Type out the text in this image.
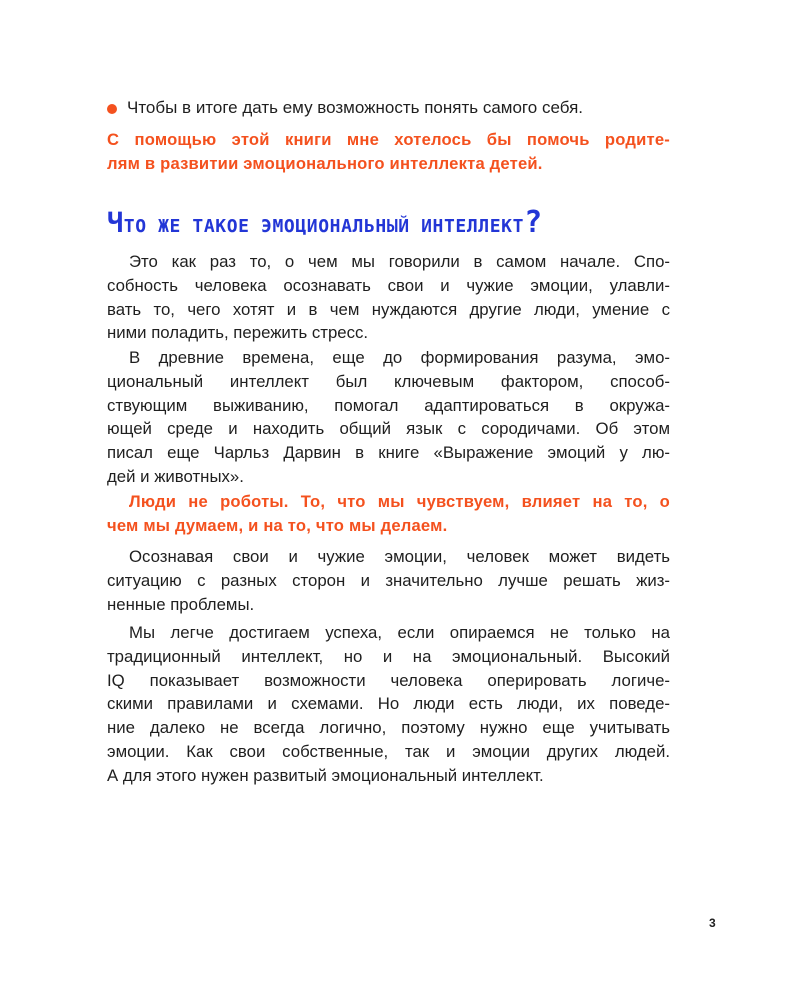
Чтобы в итоге дать ему возможность понять самого себя.
С помощью этой книги мне хотелось бы помочь родите-
лям в развитии эмоционального интеллекта детей.
ЧТО ЖЕ ТАКОЕ ЭМОЦИОНАЛЬНЫЙ ИНТЕЛЛЕКТ?
Это как раз то, о чем мы говорили в самом начале. Спо-
собность человека осознавать свои и чужие эмоции, улавли-
вать то, чего хотят и в чем нуждаются другие люди, умение с
ними поладить, пережить стресс.
В древние времена, еще до формирования разума, эмо-
циональный интеллект был ключевым фактором, способ-
ствующим выживанию, помогал адаптироваться в окружа-
ющей среде и находить общий язык с сородичами. Об этом
писал еще Чарльз Дарвин в книге «Выражение эмоций у лю-
дей и животных».
Люди не роботы. То, что мы чувствуем, влияет на то, о
чем мы думаем, и на то, что мы делаем.
Осознавая свои и чужие эмоции, человек может видеть
ситуацию с разных сторон и значительно лучше решать жиз-
ненные проблемы.
Мы легче достигаем успеха, если опираемся не только на
традиционный интеллект, но и на эмоциональный. Высокий
IQ показывает возможности человека оперировать логиче-
скими правилами и схемами. Но люди есть люди, их поведе-
ние далеко не всегда логично, поэтому нужно еще учитывать
эмоции. Как свои собственные, так и эмоции других людей.
А для этого нужен развитый эмоциональный интеллект.
3
